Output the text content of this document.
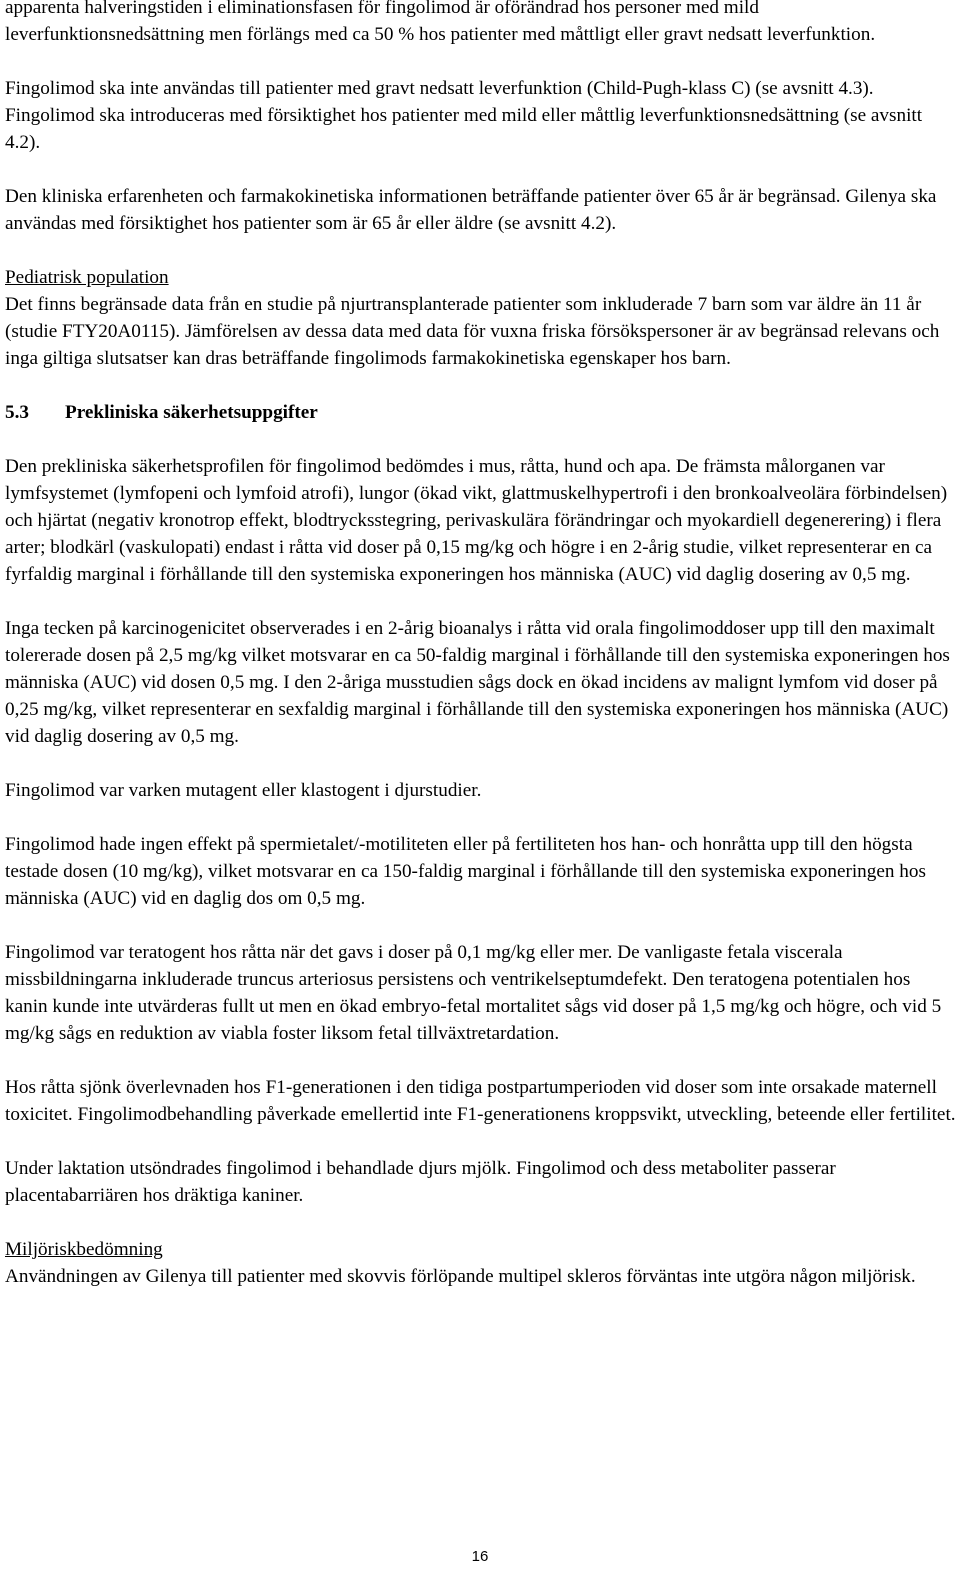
apparenta halveringstiden i eliminationsfasen för fingolimod är oförändrad hos personer med mild leverfunktionsnedsättning men förlängs med ca 50 % hos patienter med måttligt eller gravt nedsatt leverfunktion.

Fingolimod ska inte användas till patienter med gravt nedsatt leverfunktion (Child-Pugh-klass C) (se avsnitt 4.3). Fingolimod ska introduceras med försiktighet hos patienter med mild eller måttlig leverfunktionsnedsättning (se avsnitt 4.2).

Den kliniska erfarenheten och farmakokinetiska informationen beträffande patienter över 65 år är begränsad. Gilenya ska användas med försiktighet hos patienter som är 65 år eller äldre (se avsnitt 4.2).

Pediatrisk population

Det finns begränsade data från en studie på njurtransplanterade patienter som inkluderade 7 barn som var äldre än 11 år (studie FTY20A0115). Jämförelsen av dessa data med data för vuxna friska försökspersoner är av begränsad relevans och inga giltiga slutsatser kan dras beträffande fingolimods farmakokinetiska egenskaper hos barn.

5.3	Prekliniska säkerhetsuppgifter

Den prekliniska säkerhetsprofilen för fingolimod bedömdes i mus, råtta, hund och apa. De främsta målorganen var lymfsystemet (lymfopeni och lymfoid atrofi), lungor (ökad vikt, glattmuskelhypertrofi i den bronkoalveolära förbindelsen) och hjärtat (negativ kronotrop effekt, blodtrycksstegring, perivaskulära förändringar och myokardiell degenerering) i flera arter; blodkärl (vaskulopati) endast i råtta vid doser på 0,15 mg/kg och högre i en 2-årig studie, vilket representerar en ca fyrfaldig marginal i förhållande till den systemiska exponeringen hos människa (AUC) vid daglig dosering av 0,5 mg.

Inga tecken på karcinogenicitet observerades i en 2-årig bioanalys i råtta vid orala fingolimoddoser upp till den maximalt tolererade dosen på 2,5 mg/kg vilket motsvarar en ca 50-faldig marginal i förhållande till den systemiska exponeringen hos människa (AUC) vid dosen 0,5 mg. I den 2-åriga musstudien sågs dock en ökad incidens av malignt lymfom vid doser på 0,25 mg/kg, vilket representerar en sexfaldig marginal i förhållande till den systemiska exponeringen hos människa (AUC) vid daglig dosering av 0,5 mg.

Fingolimod var varken mutagent eller klastogent i djurstudier.

Fingolimod hade ingen effekt på spermietalet/-motiliteten eller på fertiliteten hos han- och honråtta upp till den högsta testade dosen (10 mg/kg), vilket motsvarar en ca 150-faldig marginal i förhållande till den systemiska exponeringen hos människa (AUC) vid en daglig dos om 0,5 mg.

Fingolimod var teratogent hos råtta när det gavs i doser på 0,1 mg/kg eller mer. De vanligaste fetala viscerala missbildningarna inkluderade truncus arteriosus persistens och ventrikelseptumdefekt. Den teratogena potentialen hos kanin kunde inte utvärderas fullt ut men en ökad embryo-fetal mortalitet sågs vid doser på 1,5 mg/kg och högre, och vid 5 mg/kg sågs en reduktion av viabla foster liksom fetal tillväxtretardation.

Hos råtta sjönk överlevnaden hos F1-generationen i den tidiga postpartumperioden vid doser som inte orsakade maternell toxicitet. Fingolimodbehandling påverkade emellertid inte F1-generationens kroppsvikt, utveckling, beteende eller fertilitet.

Under laktation utsöndrades fingolimod i behandlade djurs mjölk. Fingolimod och dess metaboliter passerar placentabarriären hos dräktiga kaniner.

Miljöriskbedömning

Användningen av Gilenya till patienter med skovvis förlöpande multipel skleros förväntas inte utgöra någon miljörisk.

16
